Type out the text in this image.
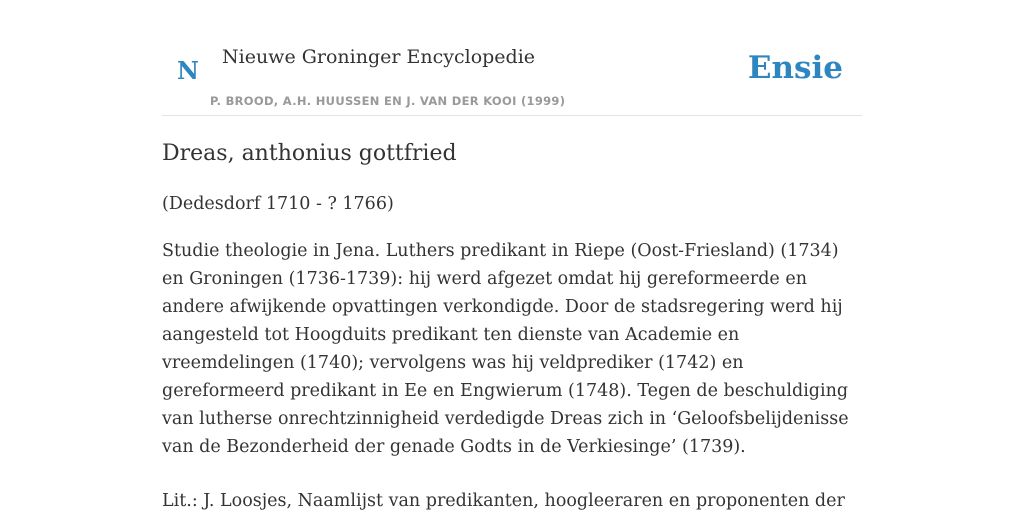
N Nieuwe Groninger Encyclopedie
P. BROOD, A.H. HUUSSEN EN J. VAN DER KOOI (1999)
Ensie
Dreas, anthonius gottfried

(Dedesdorf 1710 - ? 1766)

Studie theologie in Jena. Luthers predikant in Riepe (Oost-Friesland) (1734) en Groningen (1736-1739): hij werd afgezet omdat hij gereformeerde en andere afwijkende opvattingen verkondigde. Door de stadsregering werd hij aangesteld tot Hoogduits predikant ten dienste van Academie en vreemdelingen (1740); vervolgens was hij veldprediker (1742) en gereformeerd predikant in Ee en Engwierum (1748). Tegen de beschuldiging van lutherse onrechtzinnigheid verdedigde Dreas zich in ‘Geloofsbelijdenisse van de Bezonderheid der genade Godts in de Verkiesinge’ (1739).

Lit.: J. Loosjes, Naamlijst van predikanten, hoogleeraren en proponenten der
